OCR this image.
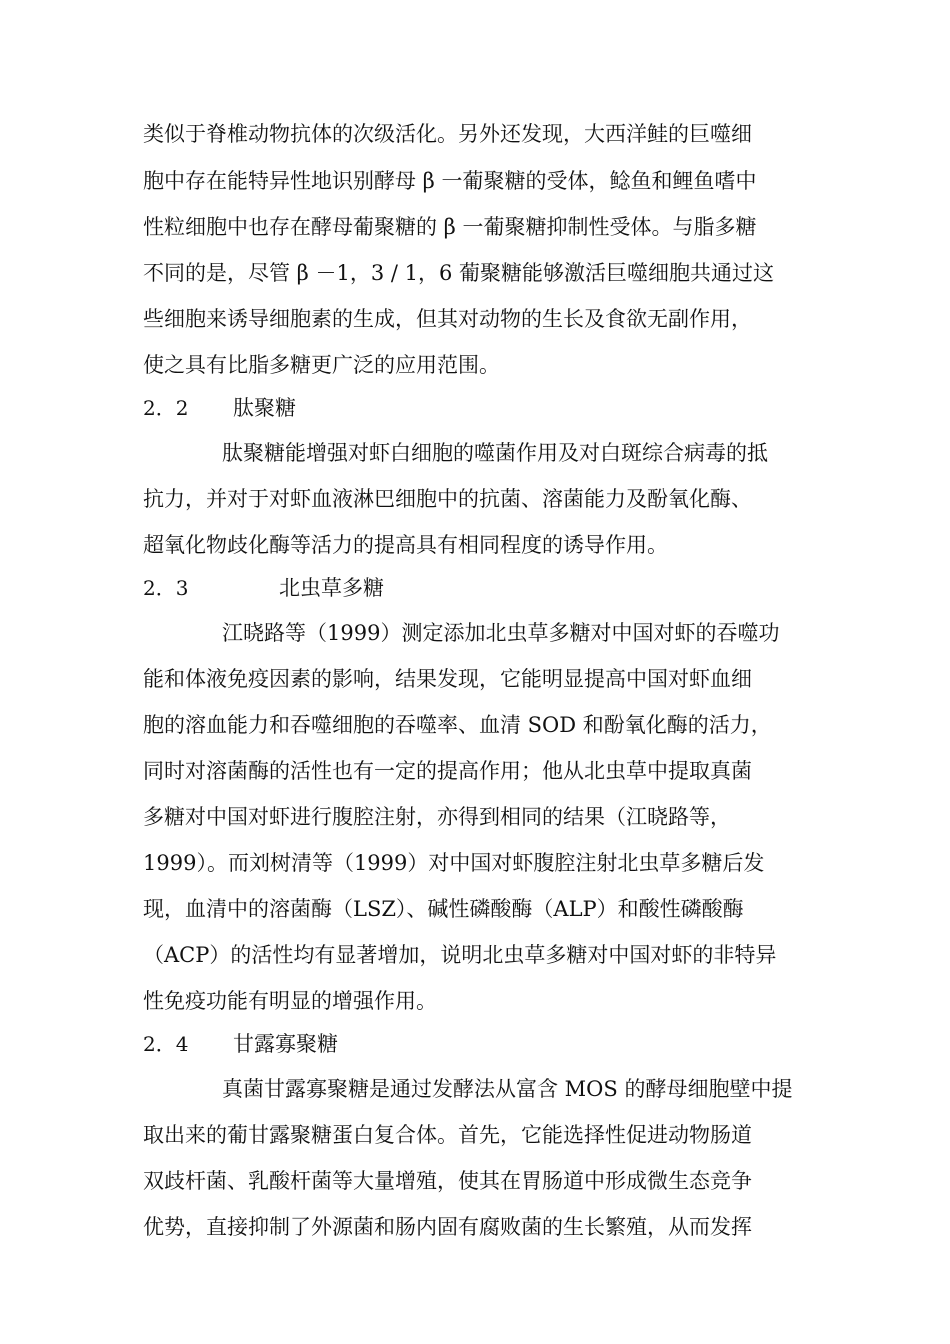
类似于脊椎动物抗体的次级活化。另外还发现，大西洋鲑的巨噬细
胞中存在能特异性地识别酵母 β 一葡聚糖的受体，鲶鱼和鲤鱼嗜中
性粒细胞中也存在酵母葡聚糖的 β 一葡聚糖抑制性受体。与脂多糖
不同的是，尽管 β －1，3 / 1，6 葡聚糖能够激活巨噬细胞共通过这
些细胞来诱导细胞素的生成，但其对动物的生长及食欲无副作用，
使之具有比脂多糖更广泛的应用范围。
2．2 肽聚糖
肽聚糖能增强对虾白细胞的噬菌作用及对白斑综合病毒的抵
抗力，并对于对虾血液淋巴细胞中的抗菌、溶菌能力及酚氧化酶、
超氧化物歧化酶等活力的提高具有相同程度的诱导作用。
2．3	北虫草多糖
江晓路等（1999）测定添加北虫草多糖对中国对虾的吞噬功
能和体液免疫因素的影响，结果发现，它能明显提高中国对虾血细
胞的溶血能力和吞噬细胞的吞噬率、血清 SOD 和酚氧化酶的活力，
同时对溶菌酶的活性也有一定的提高作用；他从北虫草中提取真菌
多糖对中国对虾进行腹腔注射，亦得到相同的结果（江晓路等，
1999）。而刘树清等（1999）对中国对虾腹腔注射北虫草多糖后发
现，血清中的溶菌酶（LSZ）、碱性磷酸酶（ALP）和酸性磷酸酶
（ACP）的活性均有显著增加，说明北虫草多糖对中国对虾的非特异
性免疫功能有明显的增强作用。
2．4 甘露寡聚糖
真菌甘露寡聚糖是通过发酵法从富含 MOS 的酵母细胞壁中提
取出来的葡甘露聚糖蛋白复合体。首先，它能选择性促进动物肠道
双歧杆菌、乳酸杆菌等大量增殖，使其在胃肠道中形成微生态竞争
优势，直接抑制了外源菌和肠内固有腐败菌的生长繁殖，从而发挥
